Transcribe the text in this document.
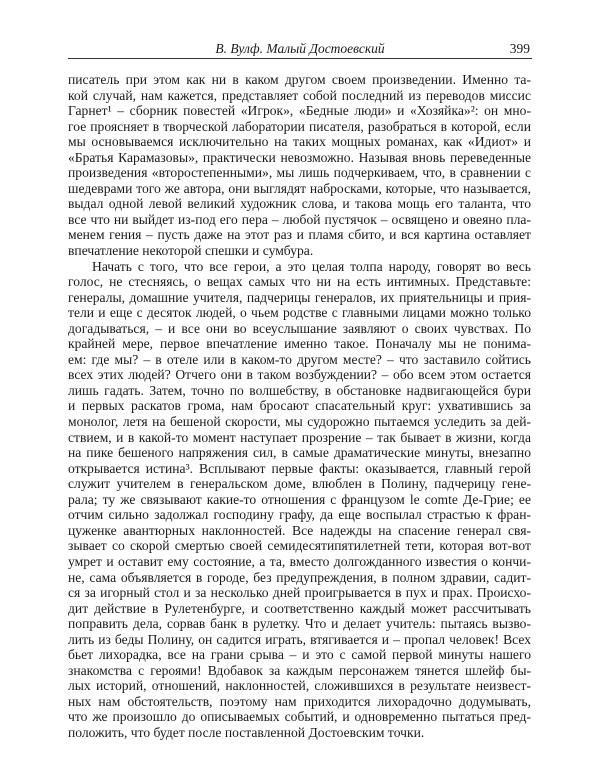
В. Вулф. Малый Достоевский	399
писатель при этом как ни в каком другом своем произведении. Именно та-
кой случай, нам кажется, представляет собой последний из переводов миссис
Гарнет¹ – сборник повестей «Игрок», «Бедные люди» и «Хозяйка»²: он мно-
гое проясняет в творческой лаборатории писателя, разобраться в которой, если
мы основываемся исключительно на таких мощных романах, как «Идиот» и
«Братья Карамазовы», практически невозможно. Называя вновь переведенные
произведения «второстепенными», мы лишь подчеркиваем, что, в сравнении с
шедеврами того же автора, они выглядят набросками, которые, что называется,
выдал одной левой великий художник слова, и такова мощь его таланта, что
все что ни выйдет из-под его пера – любой пустячок – освящено и овеяно пла-
менем гения – пусть даже на этот раз и пламя сбито, и вся картина оставляет
впечатление некоторой спешки и сумбура.
Начать с того, что все герои, а это целая толпа народу, говорят во весь
голос, не стесняясь, о вещах самых что ни на есть интимных. Представьте:
генералы, домашние учителя, падчерицы генералов, их приятельницы и прия-
тели и еще с десяток людей, о чьем родстве с главными лицами можно только
догадываться, – и все они во всеуслышание заявляют о своих чувствах. По
крайней мере, первое впечатление именно такое. Поначалу мы не понима-
ем: где мы? – в отеле или в каком-то другом месте? – что заставило сойтись
всех этих людей? Отчего они в таком возбуждении? – обо всем этом остается
лишь гадать. Затем, точно по волшебству, в обстановке надвигающейся бури
и первых раскатов грома, нам бросают спасательный круг: ухватившись за
монолог, летя на бешеной скорости, мы судорожно пытаемся уследить за дей-
ствием, и в какой-то момент наступает прозрение – так бывает в жизни, когда
на пике бешеного напряжения сил, в самые драматические минуты, внезапно
открывается истина³. Всплывают первые факты: оказывается, главный герой
служит учителем в генеральском доме, влюблен в Полину, падчерицу гене-
рала; ту же связывают какие-то отношения с французом le comte Де-Грие; ее
отчим сильно задолжал господину графу, да еще воспылал страстью к фран-
цуженке авантюрных наклонностей. Все надежды на спасение генерал свя-
зывает со скорой смертью своей семидесятипятилетней тети, которая вот-вот
умрет и оставит ему состояние, а та, вместо долгожданного известия о кончи-
не, сама объявляется в городе, без предупреждения, в полном здравии, садит-
ся за игорный стол и за несколько дней проигрывается в пух и прах. Происхо-
дит действие в Рулетенбурге, и соответственно каждый может рассчитывать
поправить дела, сорвав банк в рулетку. Что и делает учитель: пытаясь вызво-
лить из беды Полину, он садится играть, втягивается и – пропал человек! Всех
бьет лихорадка, все на грани срыва – и это с самой первой минуты нашего
знакомства с героями! Вдобавок за каждым персонажем тянется шлейф бы-
лых историй, отношений, наклонностей, сложившихся в результате неизвест-
ных нам обстоятельств, поэтому нам приходится лихорадочно додумывать,
что же произошло до описываемых событий, и одновременно пытаться пред-
положить, что будет после поставленной Достоевским точки.
